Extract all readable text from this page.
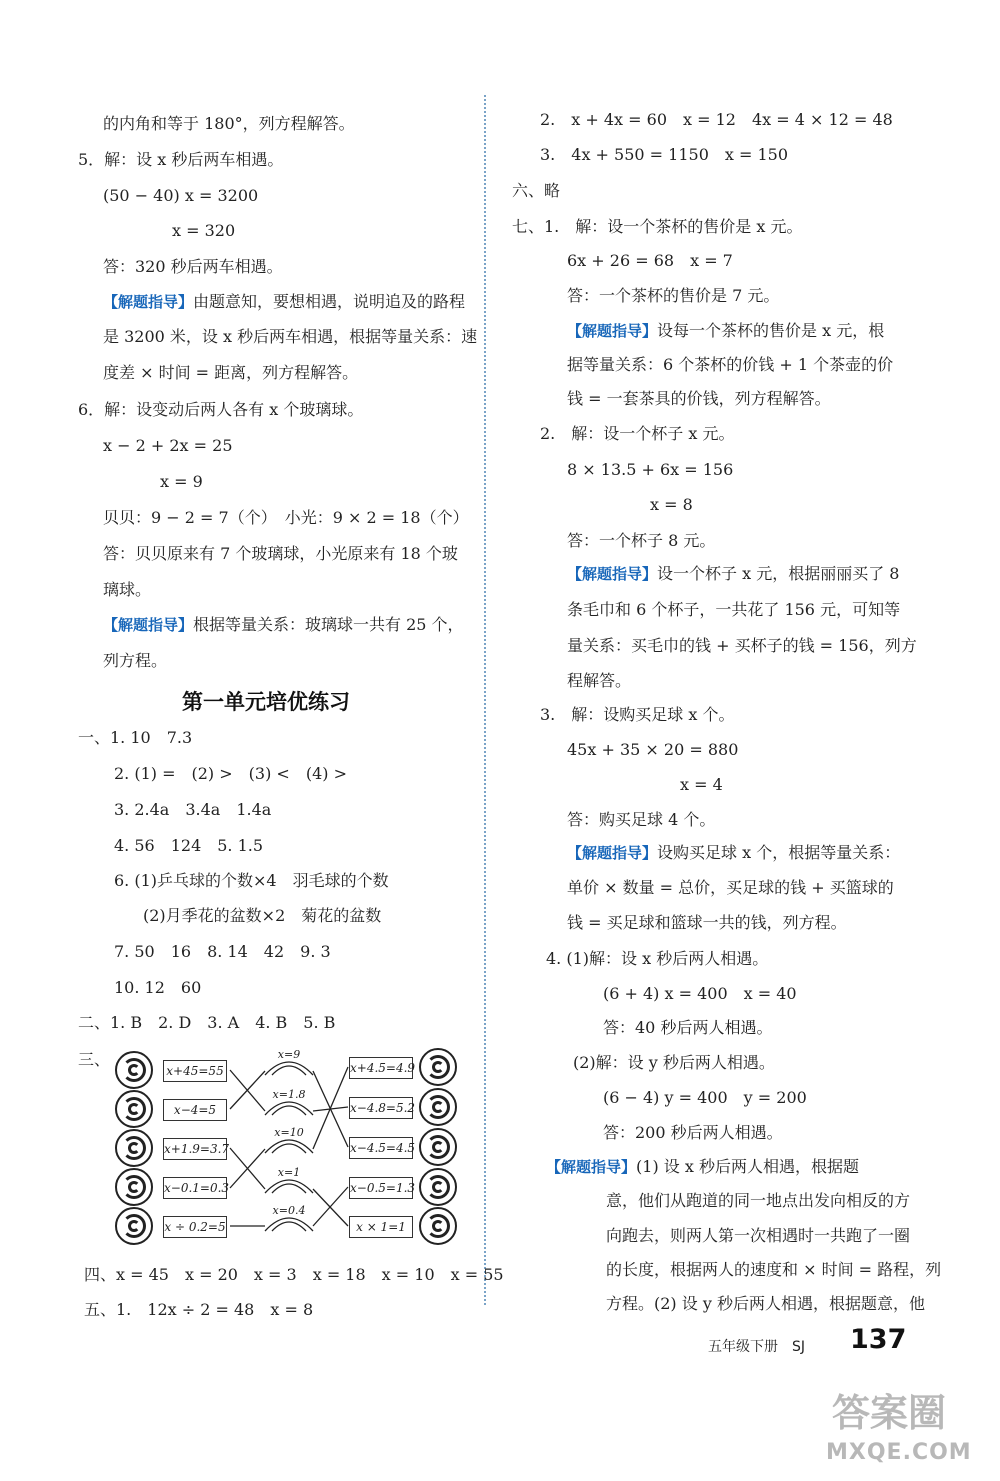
的内角和等于 180°，列方程解答。
5．解：设 x 秒后两车相遇。
(50 − 40) x = 3200
x = 320
答：320 秒后两车相遇。
【解题指导】由题意知，要想相遇，说明追及的路程
是 3200 米，设 x 秒后两车相遇，根据等量关系：速
度差 × 时间 = 距离，列方程解答。
6．解：设变动后两人各有 x 个玻璃球。
x − 2 + 2x = 25
x = 9
贝贝：9 − 2 = 7（个）　小光：9 × 2 = 18（个）
答：贝贝原来有 7 个玻璃球，小光原来有 18 个玻
璃球。
【解题指导】根据等量关系：玻璃球一共有 25 个，
列方程。
第一单元培优练习
一、1. 10　7.3
2. (1) =　(2) >　(3) <　(4) >
3. 2.4a　3.4a　1.4a
4. 56　124　5. 1.5
6. (1)乒乓球的个数×4　羽毛球的个数
(2)月季花的盆数×2　菊花的盆数
7. 50　16　8. 14　42　9. 3
10. 12　60
二、1. B　2. D　3. A　4. B　5. B
三、
x+45=55
x−4=5
x+1.9=3.7
x−0.1=0.3
x ÷ 0.2=5
x=9
x=1.8
x=10
x=1
x=0.4
x+4.5=4.9
x−4.8=5.2
x−4.5=4.5
x−0.5=1.3
x × 1=1
四、x = 45　x = 20　x = 3　x = 18　x = 10　x = 55
五、1.　12x ÷ 2 = 48　x = 8
2.　x + 4x = 60　x = 12　4x = 4 × 12 = 48
3.　4x + 550 = 1150　x = 150
六、略
七、1.　解：设一个茶杯的售价是 x 元。
6x + 26 = 68　x = 7
答：一个茶杯的售价是 7 元。
【解题指导】设每一个茶杯的售价是 x 元，根
据等量关系：6 个茶杯的价钱 + 1 个茶壶的价
钱 = 一套茶具的价钱，列方程解答。
2.　解：设一个杯子 x 元。
8 × 13.5 + 6x = 156
x = 8
答：一个杯子 8 元。
【解题指导】设一个杯子 x 元，根据丽丽买了 8
条毛巾和 6 个杯子，一共花了 156 元，可知等
量关系：买毛巾的钱 + 买杯子的钱 = 156，列方
程解答。
3.　解：设购买足球 x 个。
45x + 35 × 20 = 880
x = 4
答：购买足球 4 个。
【解题指导】设购买足球 x 个，根据等量关系：
单价 × 数量 = 总价，买足球的钱 + 买篮球的
钱 = 买足球和篮球一共的钱，列方程。
4. (1)解：设 x 秒后两人相遇。
(6 + 4) x = 400　x = 40
答：40 秒后两人相遇。
(2)解：设 y 秒后两人相遇。
(6 − 4) y = 400　y = 200
答：200 秒后两人相遇。
【解题指导】(1) 设 x 秒后两人相遇，根据题
意，他们从跑道的同一地点出发向相反的方
向跑去，则两人第一次相遇时一共跑了一圈
的长度，根据两人的速度和 × 时间 = 路程，列
方程。(2) 设 y 秒后两人相遇，根据题意，他
五年级下册　SJ 137
答案圈
MXQE.COM
